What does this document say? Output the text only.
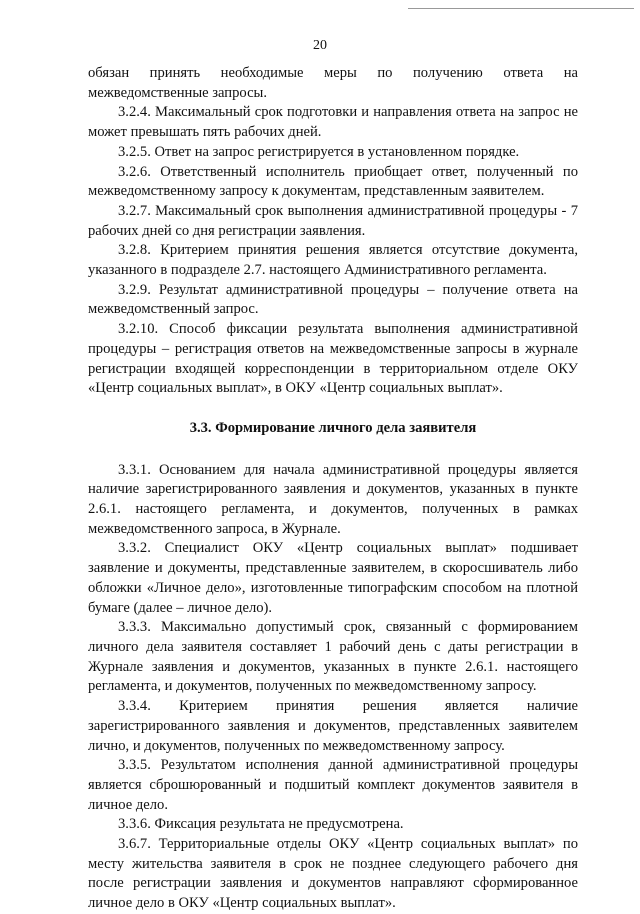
20

обязан принять необходимые меры по получению ответа на межведомственные запросы.

3.2.4. Максимальный срок подготовки и направления ответа на запрос не может превышать пять рабочих дней.

3.2.5. Ответ на запрос регистрируется в установленном порядке.

3.2.6. Ответственный исполнитель приобщает ответ, полученный по межведомственному запросу к документам, представленным заявителем.

3.2.7. Максимальный срок выполнения административной процедуры - 7 рабочих дней со дня регистрации заявления.

3.2.8. Критерием принятия решения является отсутствие документа, указанного в подразделе 2.7. настоящего Административного регламента.

3.2.9. Результат административной процедуры – получение ответа на межведомственный запрос.

3.2.10. Способ фиксации результата выполнения административной процедуры – регистрация ответов на межведомственные запросы в журнале регистрации входящей корреспонденции в территориальном отделе ОКУ «Центр социальных выплат», в ОКУ «Центр социальных выплат».

3.3. Формирование личного дела заявителя

3.3.1. Основанием для начала административной процедуры является наличие зарегистрированного заявления и документов, указанных в пункте 2.6.1. настоящего регламента, и документов, полученных в рамках межведомственного запроса, в Журнале.

3.3.2. Специалист ОКУ «Центр социальных выплат» подшивает заявление и документы, представленные заявителем, в скоросшиватель либо обложки «Личное дело», изготовленные типографским способом на плотной бумаге (далее – личное дело).

3.3.3. Максимально допустимый срок, связанный с формированием личного дела заявителя составляет 1 рабочий день с даты регистрации в Журнале заявления и документов, указанных в пункте 2.6.1. настоящего регламента, и документов, полученных по межведомственному запросу.

3.3.4. Критерием принятия решения является наличие зарегистрированного заявления и документов, представленных заявителем лично, и документов, полученных по межведомственному запросу.

3.3.5. Результатом исполнения данной административной процедуры является сброшюрованный и подшитый комплект документов заявителя в личное дело.

3.3.6. Фиксация результата не предусмотрена.

3.6.7. Территориальные отделы ОКУ «Центр социальных выплат» по месту жительства заявителя в срок не позднее следующего рабочего дня после регистрации заявления и документов направляют сформированное личное дело в ОКУ «Центр социальных выплат».
